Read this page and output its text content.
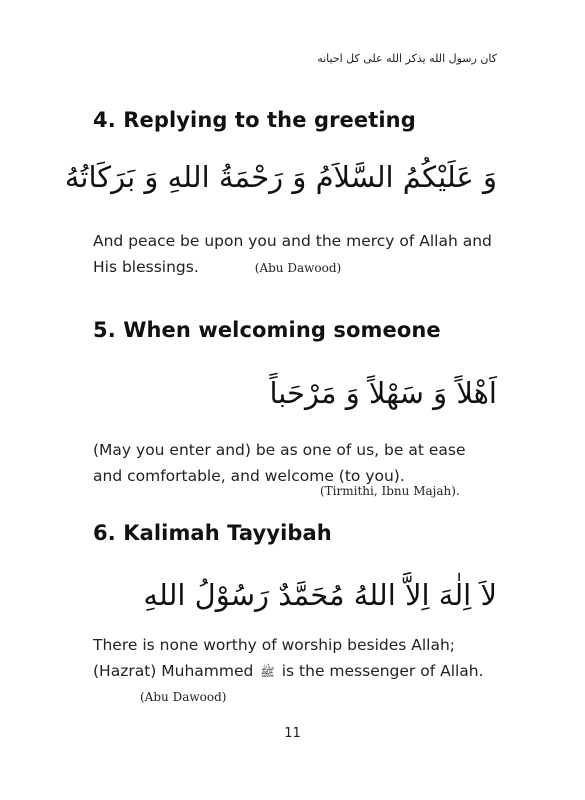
كان رسول الله يذكر الله على كل احيانه
4. Replying to the greeting
وَ عَلَيْكُمُ السَّلاَمُ وَ رَحْمَةُ اللهِ وَ بَرَكَاتُهُ
And peace be upon you and the mercy of Allah and
His blessings.	(Abu Dawood)
5. When welcoming someone
اَهْلاً وَ سَهْلاً وَ مَرْحَباً
(May you enter and) be as one of us, be at ease
and comfortable, and welcome (to you).
(Tirmithi, Ibnu Majah).
6. Kalimah Tayyibah
لاَ اِلٰهَ اِلاَّ اللهُ مُحَمَّدٌ رَسُوْلُ اللهِ
There is none worthy of worship besides Allah;
(Hazrat) Muhammed ﷺ is the messenger of Allah.
(Abu Dawood)
11
